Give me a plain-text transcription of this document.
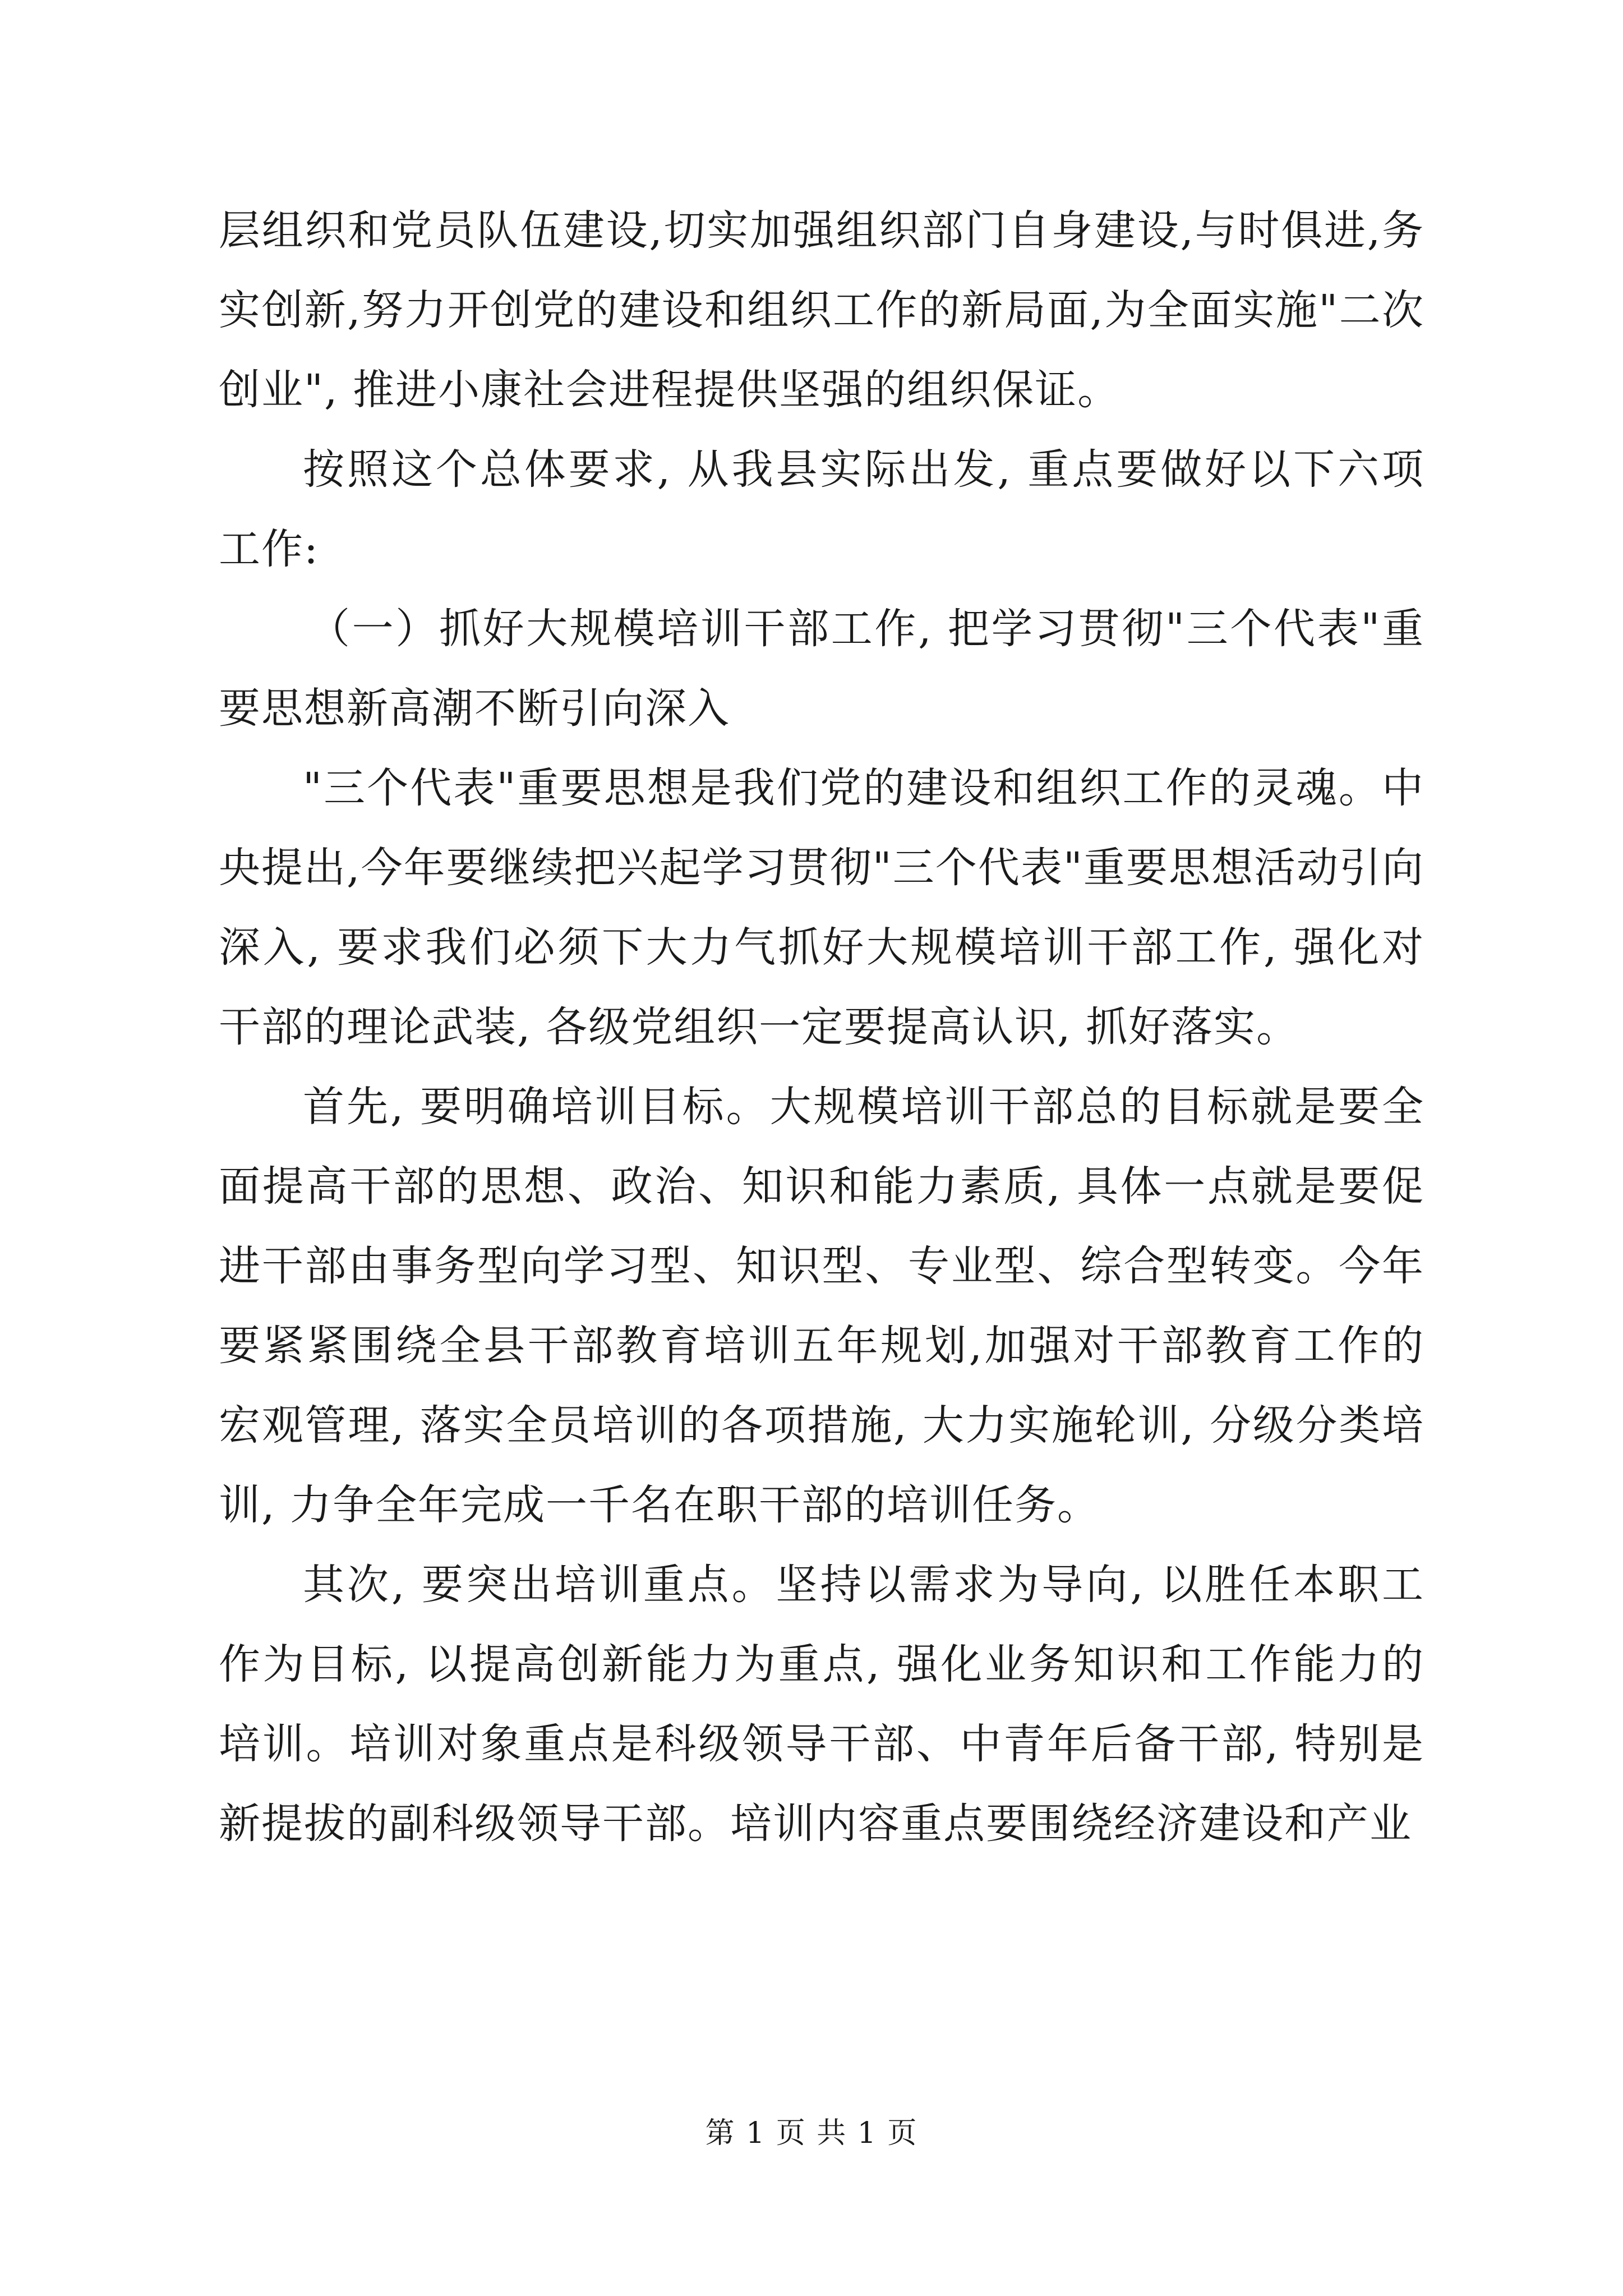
层组织和党员队伍建设,切实加强组织部门自身建设,与时俱进,务实创新,努力开创党的建设和组织工作的新局面,为全面实施"二次创业", 推进小康社会进程提供坚强的组织保证。

按照这个总体要求, 从我县实际出发, 重点要做好以下六项工作:

（一）抓好大规模培训干部工作, 把学习贯彻"三个代表"重要思想新高潮不断引向深入

"三个代表"重要思想是我们党的建设和组织工作的灵魂。中央提出,今年要继续把兴起学习贯彻"三个代表"重要思想活动引向深入, 要求我们必须下大力气抓好大规模培训干部工作, 强化对干部的理论武装, 各级党组织一定要提高认识, 抓好落实。

首先, 要明确培训目标。大规模培训干部总的目标就是要全面提高干部的思想、政治、知识和能力素质, 具体一点就是要促进干部由事务型向学习型、知识型、专业型、综合型转变。今年要紧紧围绕全县干部教育培训五年规划,加强对干部教育工作的宏观管理, 落实全员培训的各项措施, 大力实施轮训, 分级分类培训, 力争全年完成一千名在职干部的培训任务。

其次, 要突出培训重点。坚持以需求为导向, 以胜任本职工作为目标, 以提高创新能力为重点, 强化业务知识和工作能力的培训。培训对象重点是科级领导干部、中青年后备干部, 特别是新提拔的副科级领导干部。培训内容重点要围绕经济建设和产业

第 1 页 共 1 页
